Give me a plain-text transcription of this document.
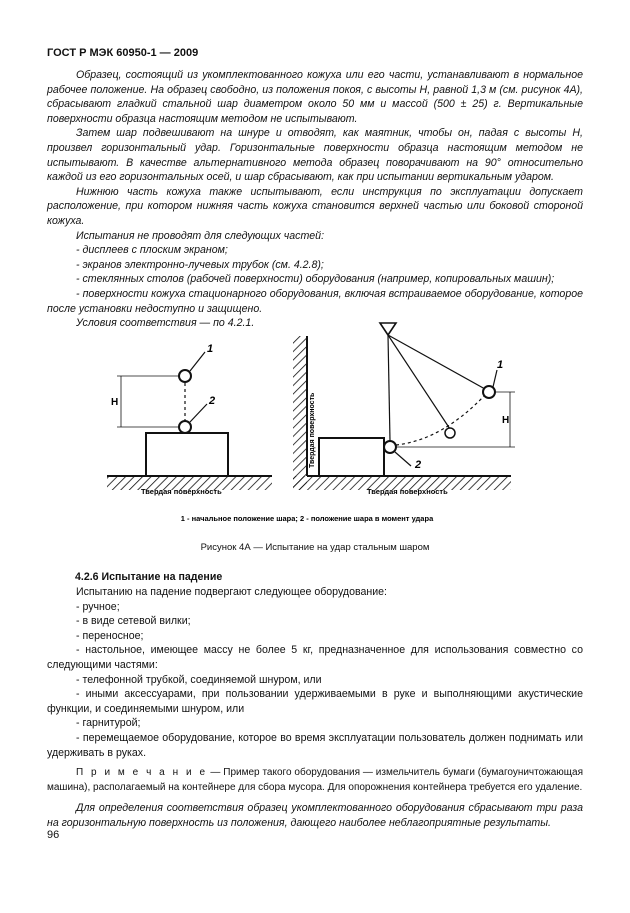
ГОСТ Р МЭК 60950-1 — 2009

Образец, состоящий из укомплектованного кожуха или его части, устанавливают в нормальное рабочее положение. На образец свободно, из положения покоя, с высоты H, равной 1,3 м (см. рисунок 4А), сбрасывают гладкий стальной шар диаметром около 50 мм и массой (500 ± 25) г. Вертикальные поверхности образца настоящим методом не испытывают.

Затем шар подвешивают на шнуре и отводят, как маятник, чтобы он, падая с высоты H, произвел горизонтальный удар. Горизонтальные поверхности образца настоящим методом не испытывают. В качестве альтернативного метода образец поворачивают на 90° относительно каждой из его горизонтальных осей, и шар сбрасывают, как при испытании вертикальным ударом.

Нижнюю часть кожуха также испытывают, если инструкция по эксплуатации допускает расположение, при котором нижняя часть кожуха становится верхней частью или боковой стороной кожуха.

Испытания не проводят для следующих частей:

- дисплеев с плоским экраном;

- экранов электронно-лучевых трубок (см. 4.2.8);

- стеклянных столов (рабочей поверхности) оборудования (например, копировальных машин);

- поверхности кожуха стационарного оборудования, включая встраиваемое оборудование, которое после установки недоступно и защищено.

Условия соответствия — по 4.2.1.

H
1
2
Твердая поверхность
Твердая поверхность	H
1
2
Твердая поверхность
1 - начальное положение шара; 2 - положение шара в момент удара
Рисунок 4А — Испытание на удар стальным шаром
4.2.6 Испытание на падение

Испытанию на падение подвергают следующее оборудование:

- ручное;

- в виде сетевой вилки;

- переносное;

- настольное, имеющее массу не более 5 кг, предназначенное для использования совместно со следующими частями:

- телефонной трубкой, соединяемой шнуром, или

- иными аксессуарами, при пользовании удерживаемыми в руке и выполняющими акустические функции, и соединяемыми шнуром, или

- гарнитурой;

- перемещаемое оборудование, которое во время эксплуатации пользователь должен поднимать или удерживать в руках.

П р и м е ч а н и е — Пример такого оборудования — измельчитель бумаги (бумагоуничтожающая машина), располагаемый на контейнере для сбора мусора. Для опорожнения контейнера требуется его удаление.

Для определения соответствия образец укомплектованного оборудования сбрасывают три раза на горизонтальную поверхность из положения, дающего наиболее неблагоприятные результаты.

96
